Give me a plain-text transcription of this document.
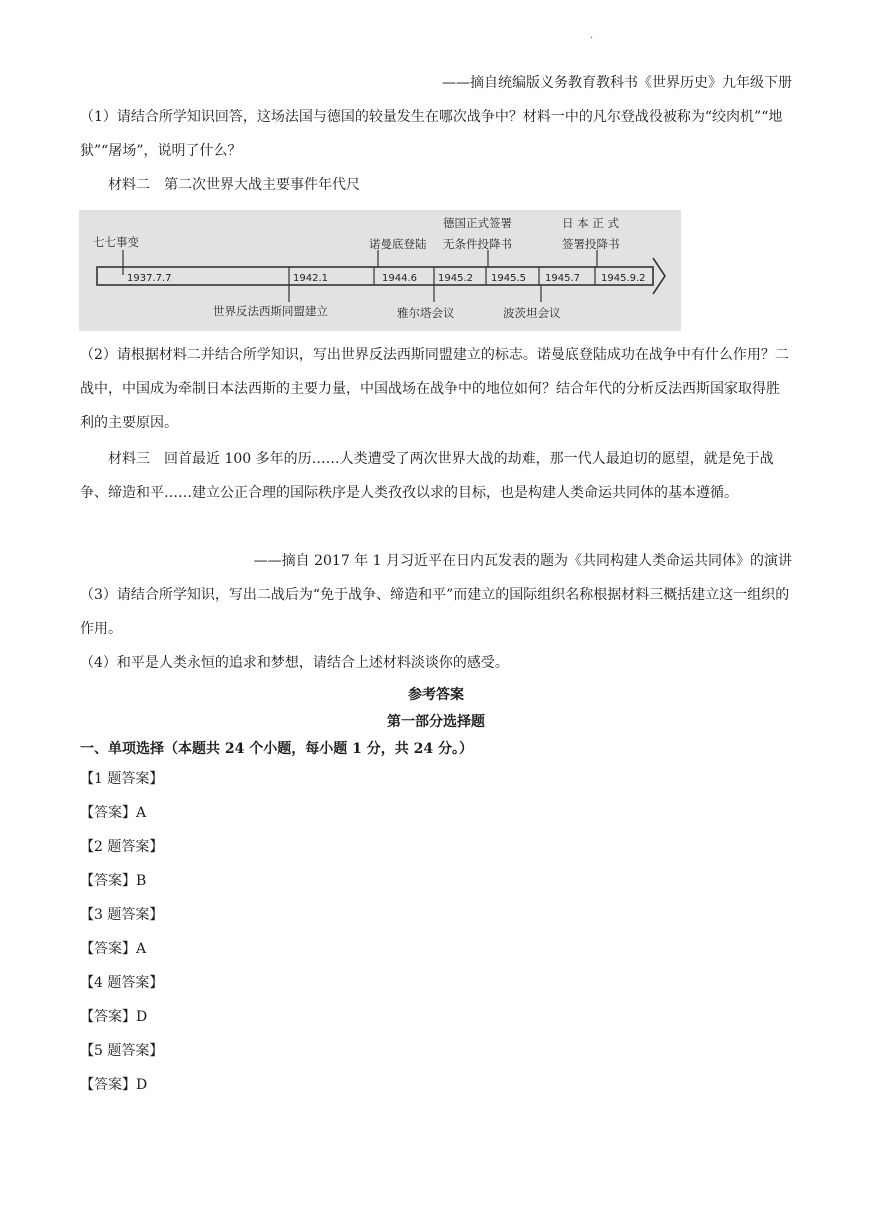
.

——摘自统编版义务教育教科书《世界历史》九年级下册

（1）请结合所学知识回答，这场法国与德国的较量发生在哪次战争中？材料一中的凡尔登战役被称为“绞肉机”“地狱”“屠场”，说明了什么？

材料二　第二次世界大战主要事件年代尺

1937.7.7	1942.1	1944.6 1945.2 1945.5 1945.7 1945.9.2
七七事变	诺曼底登陆
德国正式签署
无条件投降书
日 本 正 式
签署投降书
世界反法西斯同盟建立	雅尔塔会议	波茨坦会议

（2）请根据材料二并结合所学知识，写出世界反法西斯同盟建立的标志。诺曼底登陆成功在战争中有什么作用？二战中，中国成为牵制日本法西斯的主要力量，中国战场在战争中的地位如何？结合年代的分析反法西斯国家取得胜利的主要原因。

材料三　回首最近 100 多年的历……人类遭受了两次世界大战的劫难，那一代人最迫切的愿望，就是免于战争、缔造和平……建立公正合理的国际秩序是人类孜孜以求的目标，也是构建人类命运共同体的基本遵循。

——摘自 2017 年 1 月习近平在日内瓦发表的题为《共同构建人类命运共同体》的演讲

（3）请结合所学知识，写出二战后为“免于战争、缔造和平”而建立的国际组织名称根据材料三概括建立这一组织的作用。

（4）和平是人类永恒的追求和梦想，请结合上述材料淡谈你的感受。

参考答案

第一部分选择题

一、单项选择（本题共 24 个小题，每小题 1 分，共 24 分。）

【1 题答案】

【答案】A

【2 题答案】

【答案】B

【3 题答案】

【答案】A

【4 题答案】

【答案】D

【5 题答案】

【答案】D
